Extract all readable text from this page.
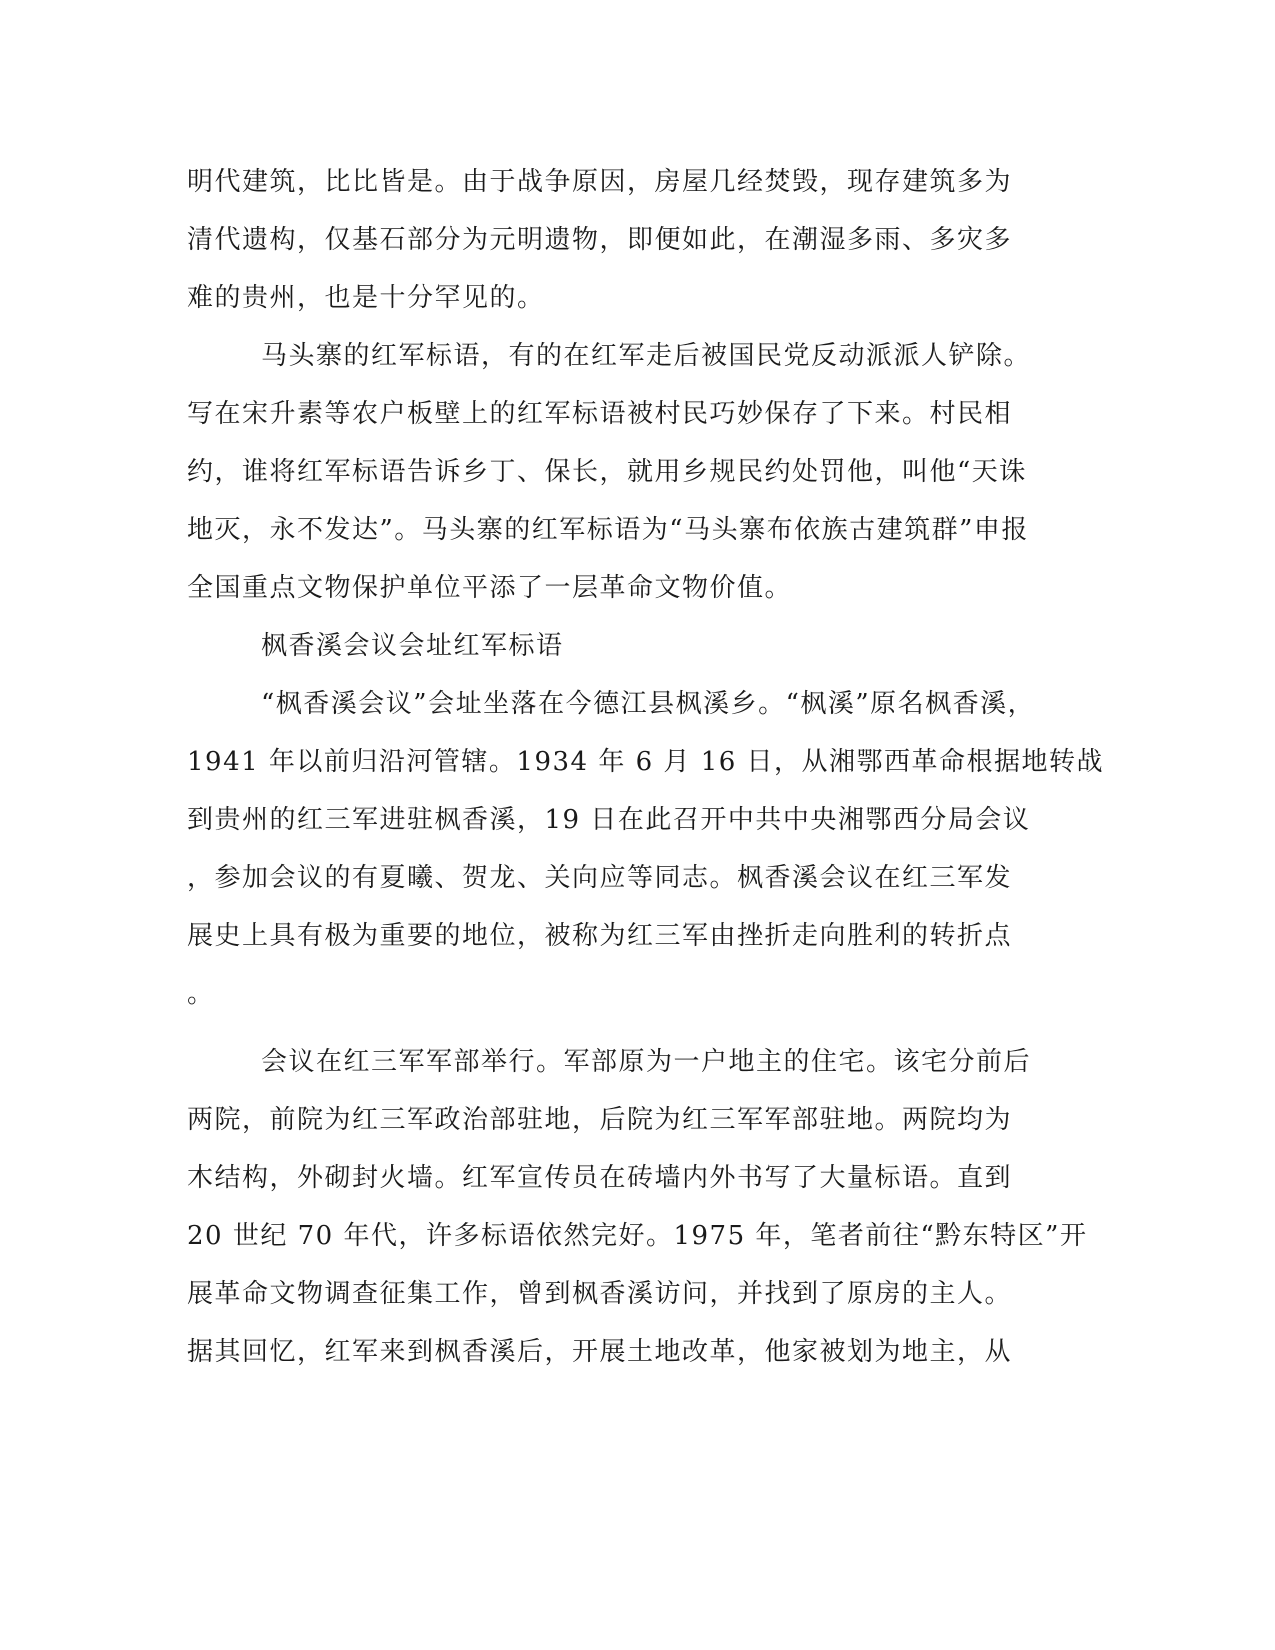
明代建筑，比比皆是。由于战争原因，房屋几经焚毁，现存建筑多为
清代遗构，仅基石部分为元明遗物，即便如此，在潮湿多雨、多灾多
难的贵州，也是十分罕见的。
马头寨的红军标语，有的在红军走后被国民党反动派派人铲除。
写在宋升素等农户板壁上的红军标语被村民巧妙保存了下来。村民相
约，谁将红军标语告诉乡丁、保长，就用乡规民约处罚他，叫他“天诛
地灭，永不发达”。马头寨的红军标语为“马头寨布依族古建筑群”申报
全国重点文物保护单位平添了一层革命文物价值。
枫香溪会议会址红军标语
“枫香溪会议”会址坐落在今德江县枫溪乡。“枫溪”原名枫香溪，
1941 年以前归沿河管辖。1934 年 6 月 16 日，从湘鄂西革命根据地转战
到贵州的红三军进驻枫香溪，19 日在此召开中共中央湘鄂西分局会议
，参加会议的有夏曦、贺龙、关向应等同志。枫香溪会议在红三军发
展史上具有极为重要的地位，被称为红三军由挫折走向胜利的转折点
。
会议在红三军军部举行。军部原为一户地主的住宅。该宅分前后
两院，前院为红三军政治部驻地，后院为红三军军部驻地。两院均为
木结构，外砌封火墙。红军宣传员在砖墙内外书写了大量标语。直到
20 世纪 70 年代，许多标语依然完好。1975 年，笔者前往“黔东特区”开
展革命文物调查征集工作，曾到枫香溪访问，并找到了原房的主人。
据其回忆，红军来到枫香溪后，开展土地改革，他家被划为地主，从
